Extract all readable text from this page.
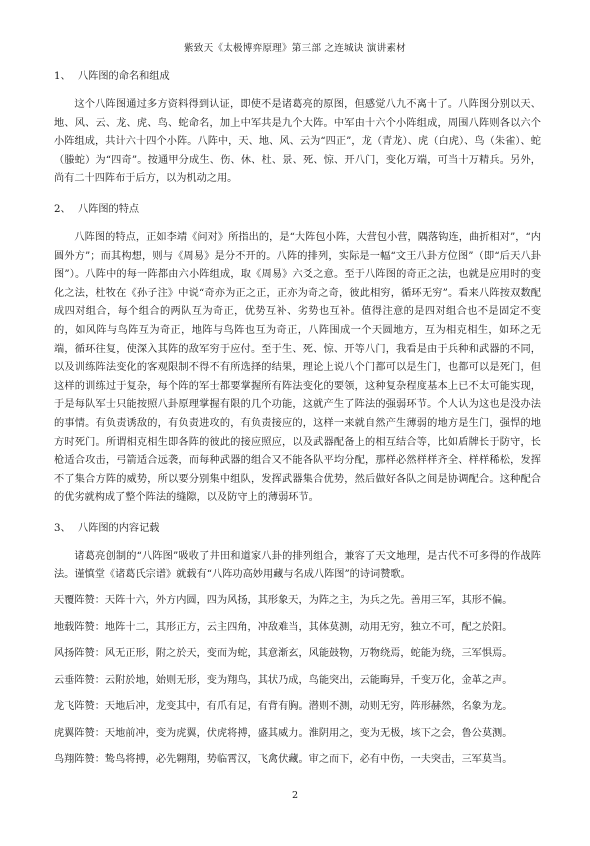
紫致天《太极博弈原理》第三部 之连城诀 演讲素材
1、 八阵图的命名和组成

这个八阵图通过多方资料得到认证，即使不是诸葛亮的原图，但感觉八九不离十了。八阵图分别以天、地、风、云、龙、虎、鸟、蛇命名，加上中军共是九个大阵。中军由十六个小阵组成，周围八阵则各以六个小阵组成，共计六十四个小阵。八阵中，天、地、风、云为“四正”，龙（青龙）、虎（白虎）、鸟（朱雀）、蛇（螣蛇）为“四奇”。按通甲分成生、伤、休、杜、景、死、惊、开八门，变化万端，可当十万精兵。另外，尚有二十四阵布于后方，以为机动之用。

2、 八阵图的特点

八阵图的特点，正如李靖《问对》所指出的，是“大阵包小阵，大营包小营，隅落钩连，曲折相对”，“内圆外方”；而其构想，则与《周易》是分不开的。八阵的排列，实际是一幅“文王八卦方位图”（即“后天八卦图”）。八阵中的每一阵都由六小阵组成，取《周易》六爻之意。至于八阵图的奇正之法，也就是应用时的变化之法，杜牧在《孙子注》中说“奇亦为正之正，正亦为奇之奇，彼此相穷，循环无穷”。看来八阵按双数配成四对组合，每个组合的两队互为奇正，优势互补、劣势也互补。值得注意的是四对组合也不是固定不变的，如风阵与鸟阵互为奇正，地阵与鸟阵也互为奇正，八阵围成一个天圆地方，互为相克相生，如环之无端，循环往复，使深入其阵的敌军穷于应付。至于生、死、惊、开等八门，我看是由于兵种和武器的不同，以及训练阵法变化的客观限制不得不有所选择的结果，理论上说八个门都可以是生门，也都可以是死门，但这样的训练过于复杂，每个阵的军士都要掌握所有阵法变化的要领，这种复杂程度基本上已不太可能实现，于是每队军士只能按照八卦原理掌握有限的几个功能，这就产生了阵法的强弱环节。个人认为这也是没办法的事情。有负责诱敌的，有负责进攻的，有负责接应的，这样一来就自然产生薄弱的地方是生门，强悍的地方时死门。所谓相克相生即各阵的彼此的接应照应，以及武器配备上的相互结合等，比如盾牌长于防守，长枪适合攻击，弓箭适合远袭，而每种武器的组合又不能各队平均分配，那样必然样样齐全、样样稀松，发挥不了集合方阵的威势，所以要分别集中组队，发挥武器集合优势，然后做好各队之间是协调配合。这种配合的优劣就构成了整个阵法的缝隙，以及防守上的薄弱环节。

3、 八阵图的内容记载

诸葛亮创制的“八阵图”吸收了井田和道家八卦的排列组合，兼容了天文地理，是古代不可多得的作战阵法。谨慎堂《诸葛氏宗谱》就载有“八阵功高妙用藏与名成八阵图”的诗词赞歌。

天覆阵赞：天阵十六，外方内圆，四为风扬，其形象天，为阵之主，为兵之先。善用三军，其形不偏。

地载阵赞：地阵十二，其形正方，云主四角，冲敌难当，其体莫测，动用无穷，独立不可，配之於阳。

风扬阵赞：风无正形，附之於天，变而为蛇，其意渐玄，风能鼓物，万物绕焉，蛇能为绕，三军惧焉。

云垂阵赞：云附於地，始则无形，变为翔鸟，其状乃成，鸟能突出，云能晦异，千变万化，金革之声。

龙飞阵赞：天地后冲，龙变其中，有爪有足，有背有胸。潜则不测，动则无穷，阵形赫然，名象为龙。

虎翼阵赞：天地前冲，变为虎翼，伏虎将搏，盛其威力。淮阴用之，变为无极，垓下之会，鲁公莫测。

鸟翔阵赞：鸷鸟将搏，必先翱翔，势临霄汉，飞禽伏藏。审之而下，必有中伤，一夫突击，三军莫当。

2
